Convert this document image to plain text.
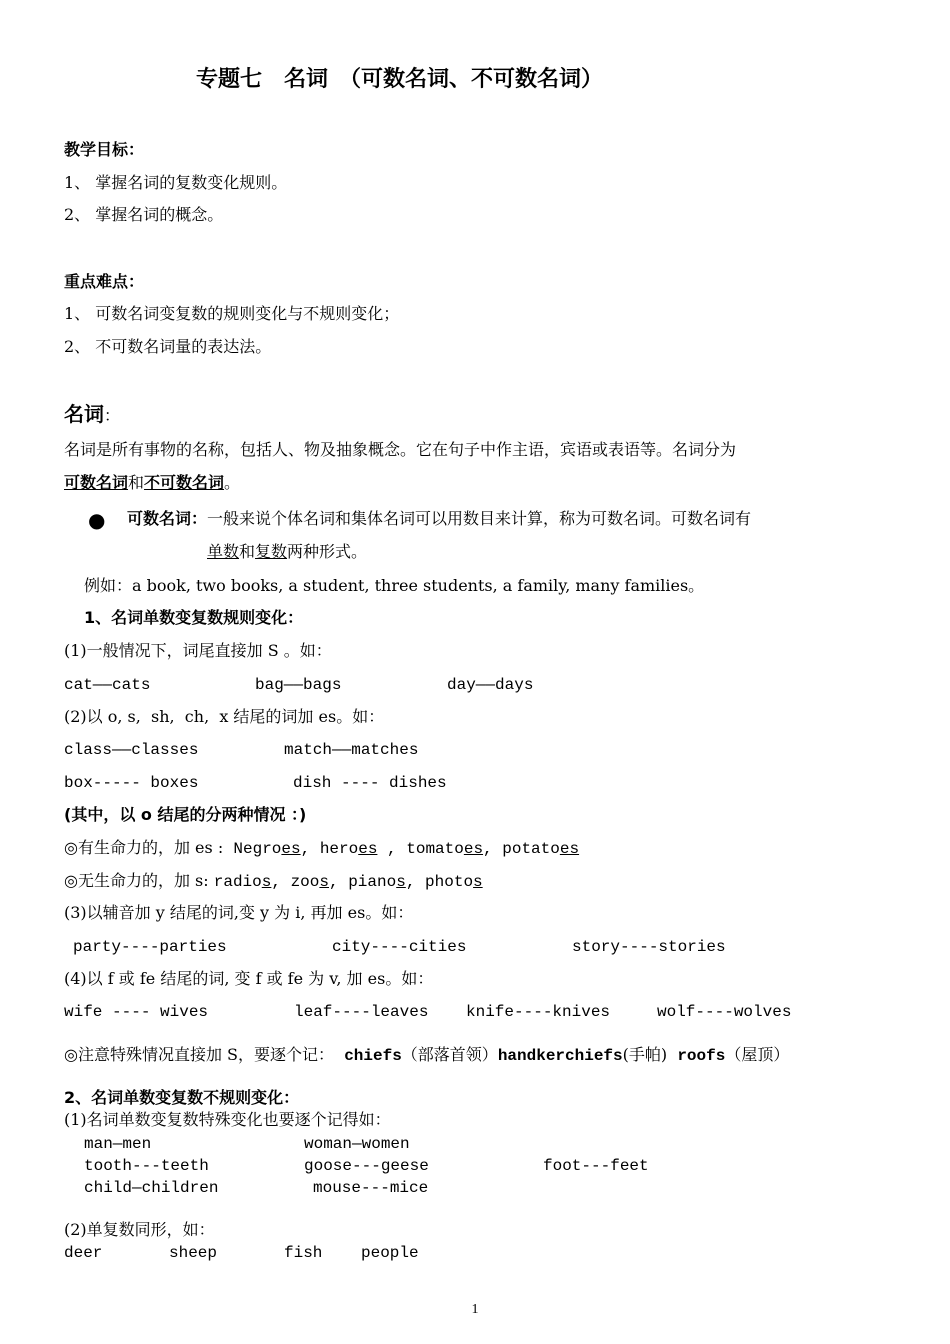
专题七　名词　（可数名词、不可数名词）
教学目标：
1、 掌握名词的复数变化规则。
2、 掌握名词的概念。
重点难点：
1、 可数名词变复数的规则变化与不规则变化；
2、 不可数名词量的表达法。
名词：
名词是所有事物的名称，包括人、物及抽象概念。它在句子中作主语，宾语或表语等。名词分为
可数名词和不可数名词。
● 可数名词：一般来说个体名词和集体名词可以用数目来计算，称为可数名词。可数名词有
单数和复数两种形式。
例如：a book, two books, a student, three students, a family, many families。
1、名词单数变复数规则变化：
(1)一般情况下，词尾直接加 S 。如：
cat——cats	bag——bags	day——days
(2)以 o, s,  sh,  ch,  x 结尾的词加 es。如：
class——classes	match——matches
box----- boxes	dish ---- dishes
(其中，以 o 结尾的分两种情况 ：)
◎有生命力的，加 es :  Negroes, heroes , tomatoes, potatoes
◎无生命力的，加 s: radios, zoos, pianos, photos
(3)以辅音加 y 结尾的词,变 y 为 i, 再加 es。如：
party----parties	city----cities	story----stories
(4)以 f 或 fe 结尾的词, 变 f 或 fe 为 v, 加 es。如：
wife ---- wives	leaf----leaves knife----knives	wolf----wolves
◎注意特殊情况直接加 S，要逐个记：  chiefs（部落首领）handkerchiefs(手帕)  roofs（屋顶）
2、名词单数变复数不规则变化：
(1)名词单数变复数特殊变化也要逐个记得如：
man—men	woman—women
tooth---teeth	goose---geese	foot---feet
child—children	mouse---mice
(2)单复数同形，如：
deer	sheep	fish people
1
